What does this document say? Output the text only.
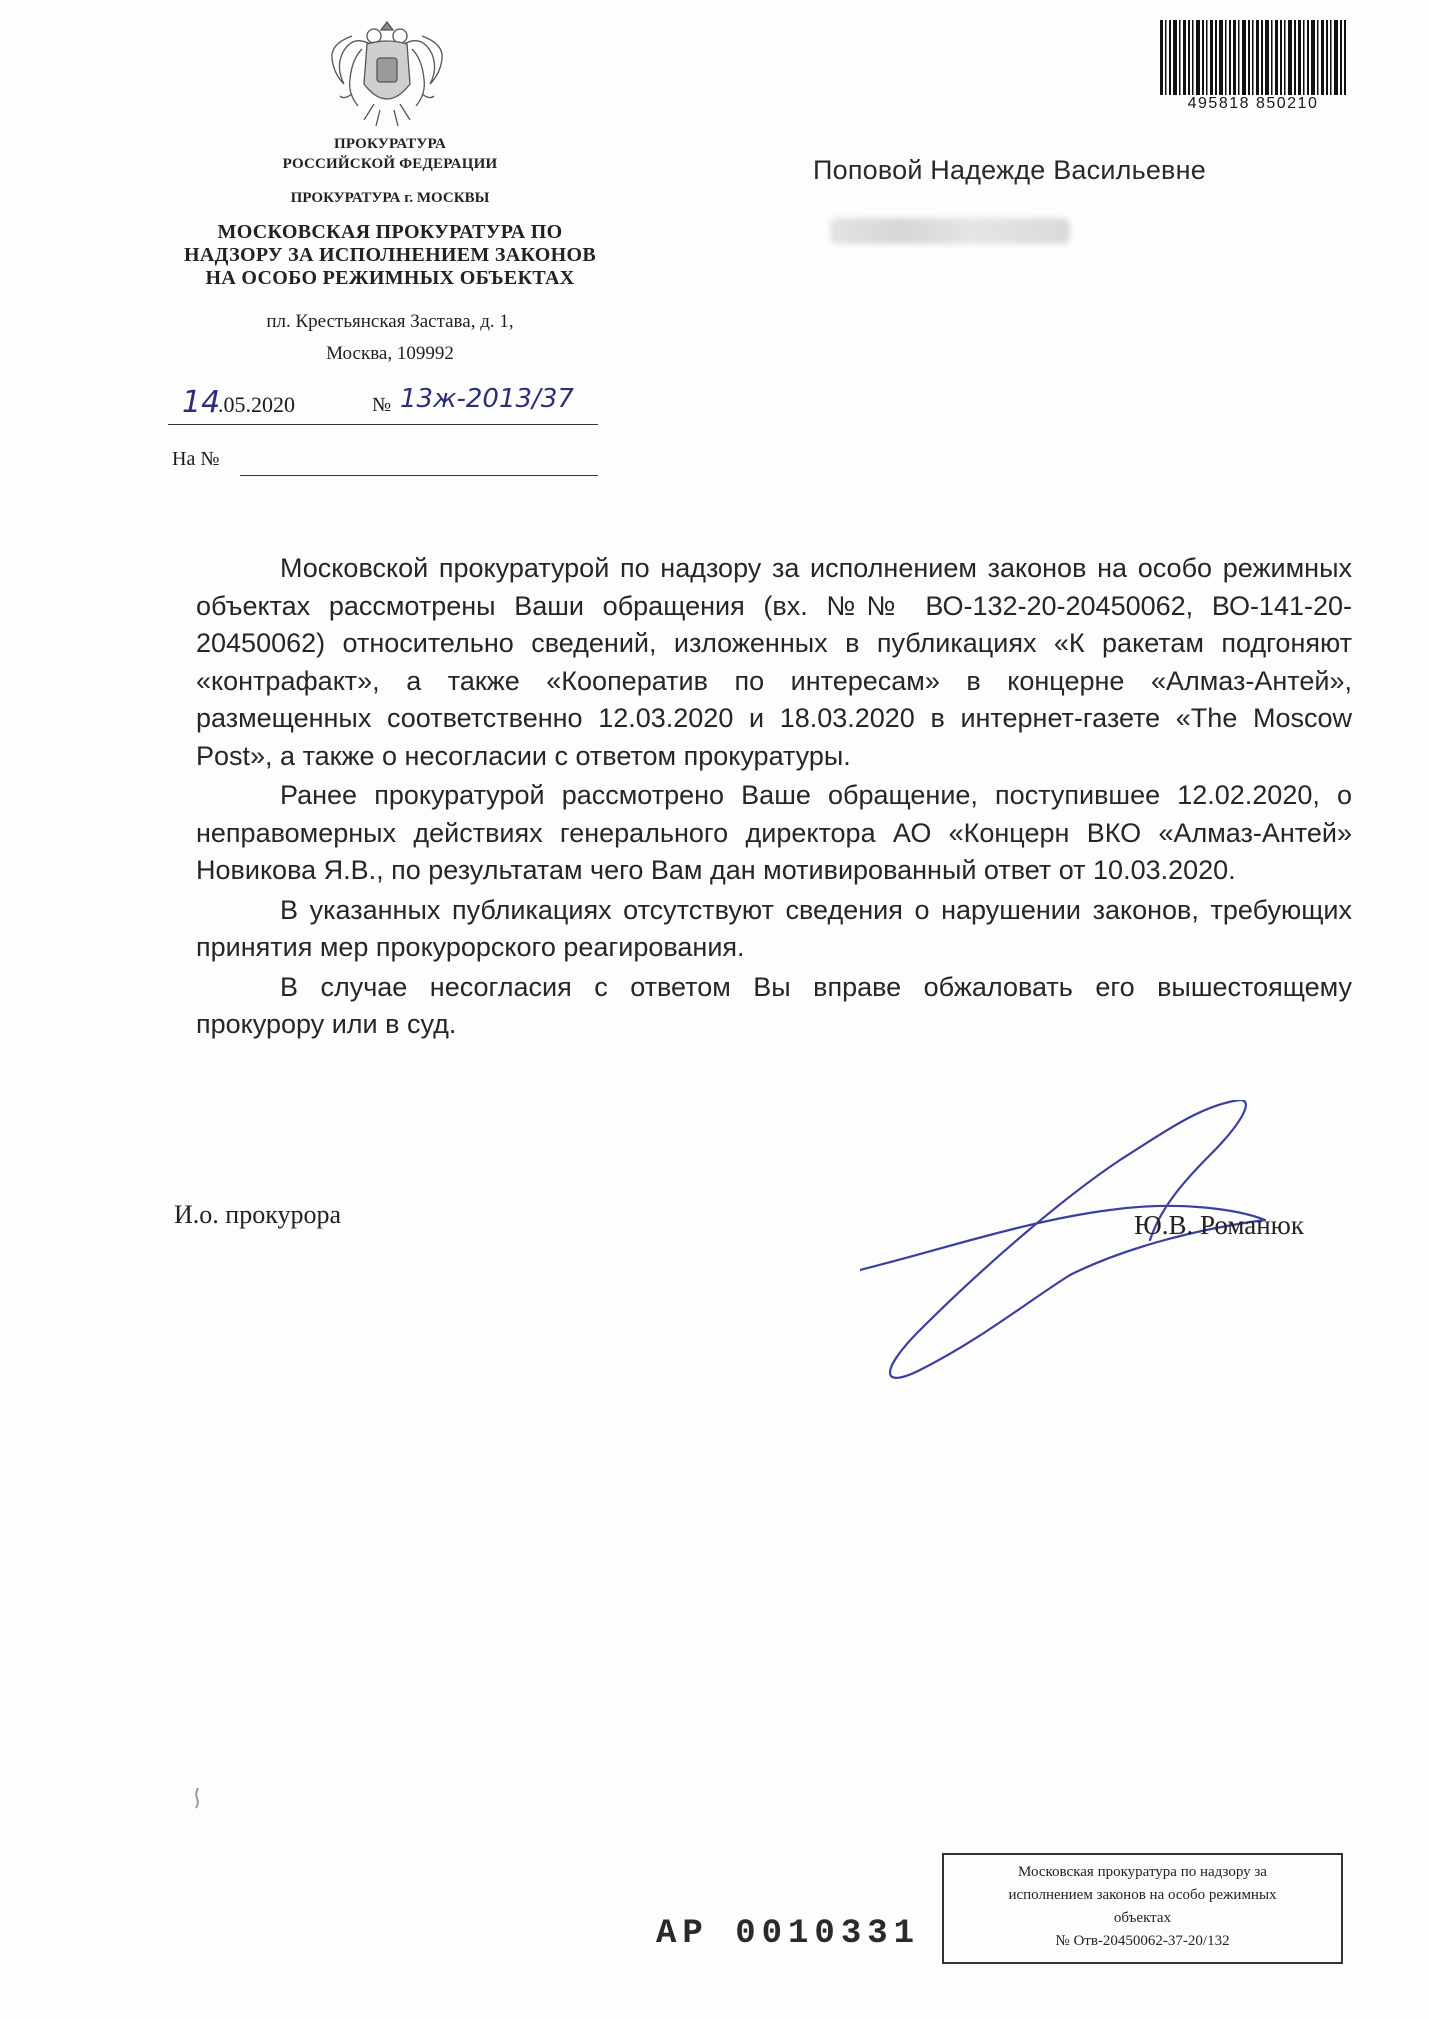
ПРОКУРАТУРА
РОССИЙСКОЙ ФЕДЕРАЦИИ
ПРОКУРАТУРА г. МОСКВЫ
МОСКОВСКАЯ ПРОКУРАТУРА ПО
НАДЗОРУ ЗА ИСПОЛНЕНИЕМ ЗАКОНОВ
НА ОСОБО РЕЖИМНЫХ ОБЪЕКТАХ
пл. Крестьянская Застава, д. 1,
Москва, 109992
14
.05.2020	№ 13ж-2013/37
На №
495818 850210
Поповой Надежде Васильевне

Московской прокуратурой по надзору за исполнением законов на особо режимных объектах рассмотрены Ваши обращения (вх. №№ ВО-132-20-20450062, ВО-141-20-20450062) относительно сведений, изложенных в публикациях «К ракетам подгоняют «контрафакт», а также «Кооператив по интересам» в концерне «Алмаз-Антей», размещенных соответственно 12.03.2020 и 18.03.2020 в интернет-газете «The Moscow Post», а также о несогласии с ответом прокуратуры.

Ранее прокуратурой рассмотрено Ваше обращение, поступившее 12.02.2020, о неправомерных действиях генерального директора АО «Концерн ВКО «Алмаз-Антей» Новикова Я.В., по результатам чего Вам дан мотивированный ответ от 10.03.2020.

В указанных публикациях отсутствуют сведения о нарушении законов, требующих принятия мер прокурорского реагирования.

В случае несогласия с ответом Вы вправе обжаловать его вышестоящему прокурору или в суд.

И.о. прокурора	Ю.В. Романюк
АР 0010331
Московская прокуратура по надзору за
исполнением законов на особо режимных
объектах
№ Отв-20450062-37-20/132
